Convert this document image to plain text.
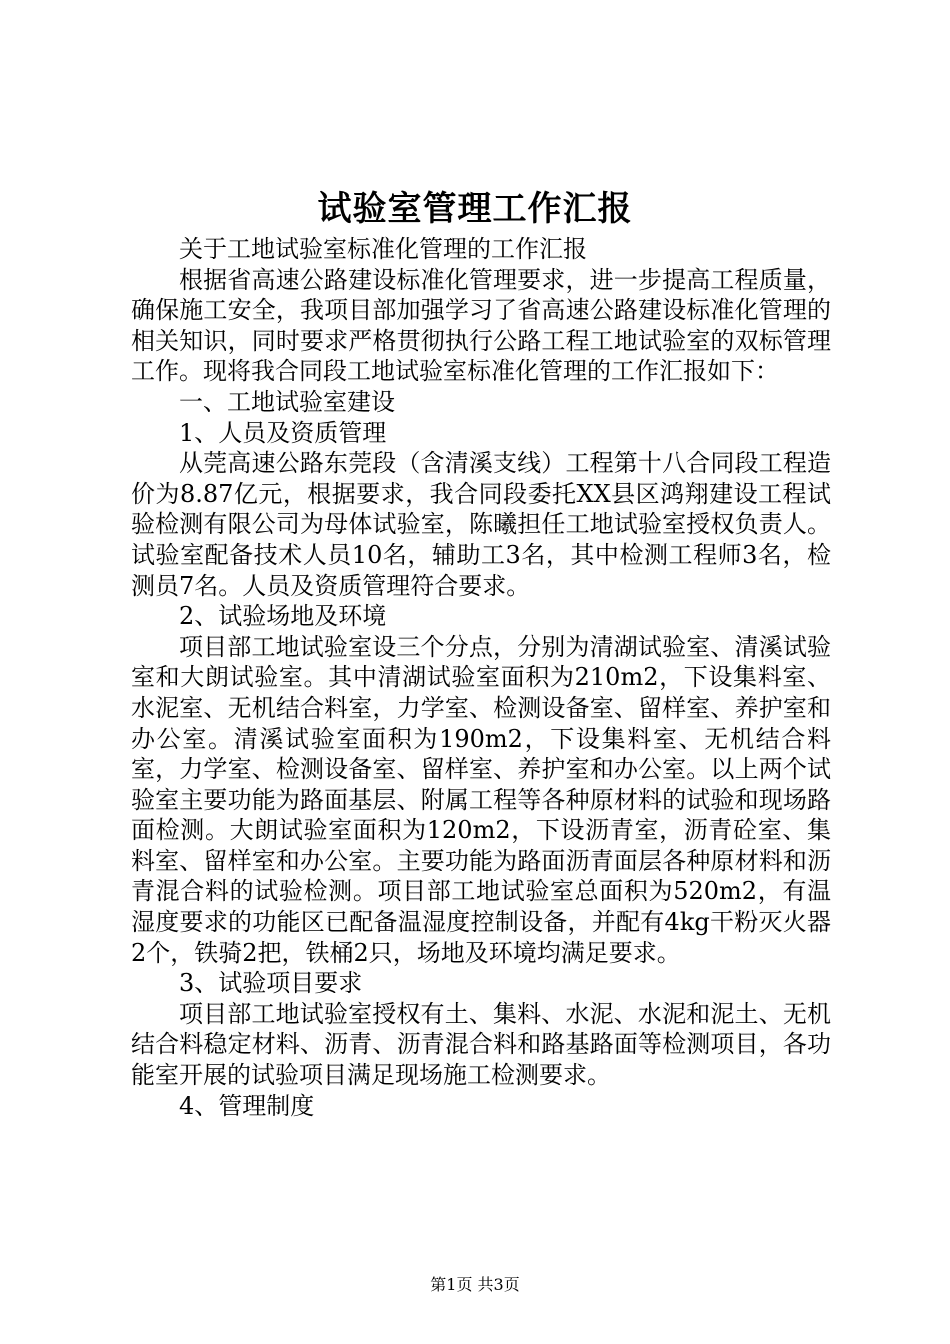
试验室管理工作汇报

关于工地试验室标准化管理的工作汇报

根据省高速公路建设标准化管理要求，进一步提高工程质量，确保施工安全，我项目部加强学习了省高速公路建设标准化管理的相关知识，同时要求严格贯彻执行公路工程工地试验室的双标管理工作。现将我合同段工地试验室标准化管理的工作汇报如下：

一、工地试验室建设

1、人员及资质管理

从莞高速公路东莞段（含清溪支线）工程第十八合同段工程造价为8.87亿元，根据要求，我合同段委托XX县区鸿翔建设工程试验检测有限公司为母体试验室，陈曦担任工地试验室授权负责人。试验室配备技术人员10名，辅助工3名，其中检测工程师3名，检测员7名。人员及资质管理符合要求。

2、试验场地及环境

项目部工地试验室设三个分点，分别为清湖试验室、清溪试验室和大朗试验室。其中清湖试验室面积为210m2，下设集料室、水泥室、无机结合料室，力学室、检测设备室、留样室、养护室和办公室。清溪试验室面积为190m2，下设集料室、无机结合料室，力学室、检测设备室、留样室、养护室和办公室。以上两个试验室主要功能为路面基层、附属工程等各种原材料的试验和现场路面检测。大朗试验室面积为120m2，下设沥青室，沥青砼室、集料室、留样室和办公室。主要功能为路面沥青面层各种原材料和沥青混合料的试验检测。项目部工地试验室总面积为520m2，有温湿度要求的功能区已配备温湿度控制设备，并配有4kg干粉灭火器2个，铁骑2把，铁桶2只，场地及环境均满足要求。

3、试验项目要求

项目部工地试验室授权有土、集料、水泥、水泥和泥土、无机结合料稳定材料、沥青、沥青混合料和路基路面等检测项目，各功能室开展的试验项目满足现场施工检测要求。

4、管理制度

第1页 共3页
